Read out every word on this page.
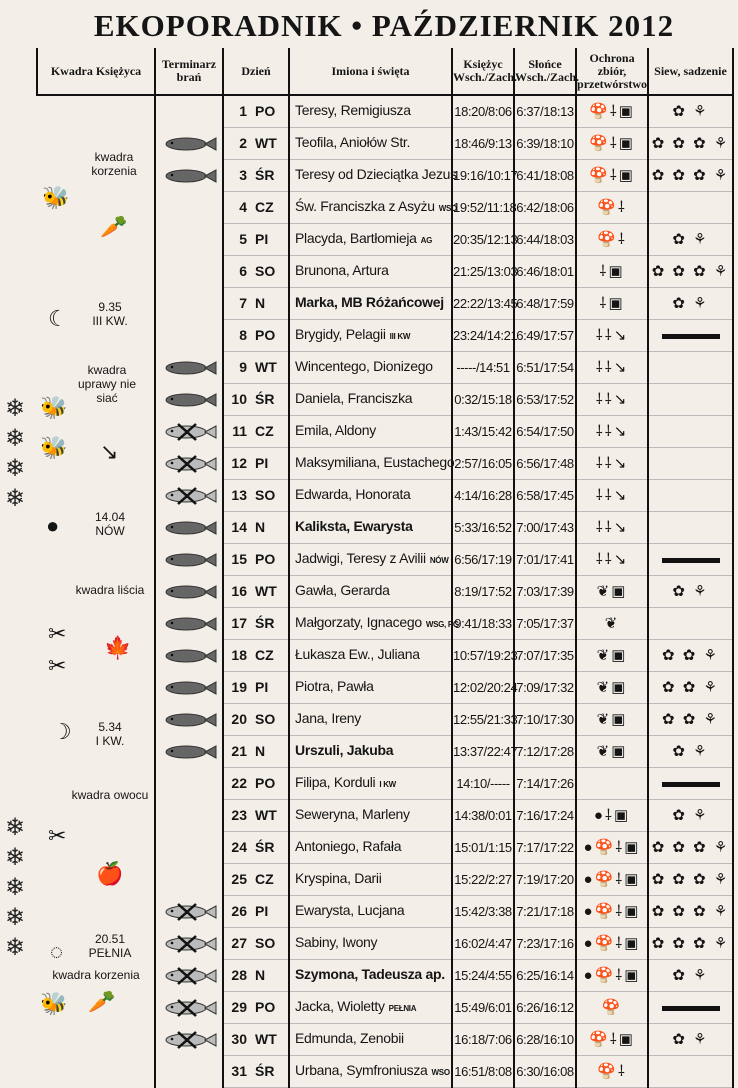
EKOPORADNIK • PAŹDZIERNIK 2012
Kwadra Księżyca	Terminarz brań	Dzień		Imiona i święta	Księżyc Wsch./Zach.	Słońce Wsch./Zach.	Ochrona zbiór, przetwórstwo	Siew, sadzenie
		1	PO	Teresy, Remigiusza	18:20/8:06	6:37/18:13	🍄⸸▣	✿ ⚘
		2	WT	Teofila, Aniołów Str.	18:46/9:13	6:39/18:10	🍄⸸▣	✿ ✿ ✿ ⚘
		3	ŚR	Teresy od Dzieciątka Jezus	19:16/10:17	6:41/18:08	🍄⸸▣	✿ ✿ ✿ ⚘
		4	CZ	Św. Franciszka z Asyżu WSO	19:52/11:18	6:42/18:06	🍄⸸	
		5	PI	Placyda, Bartłomieja AG	20:35/12:13	6:44/18:03	🍄⸸	✿ ⚘
		6	SO	Brunona, Artura	21:25/13:03	6:46/18:01	⸸▣	✿ ✿ ✿ ⚘
		7	N	Marka, MB Różańcowej	22:22/13:45	6:48/17:59	⸸▣	✿ ⚘
		8	PO	Brygidy, Pelagii III KW	23:24/14:21	6:49/17:57	⸸⸸↘	
		9	WT	Wincentego, Dionizego	-----/14:51	6:51/17:54	⸸⸸↘	
		10	ŚR	Daniela, Franciszka	0:32/15:18	6:53/17:52	⸸⸸↘	
		11	CZ	Emila, Aldony	1:43/15:42	6:54/17:50	⸸⸸↘	
		12	PI	Maksymiliana, Eustachego	2:57/16:05	6:56/17:48	⸸⸸↘	
		13	SO	Edwarda, Honorata	4:14/16:28	6:58/17:45	⸸⸸↘	
		14	N	Kaliksta, Ewarysta	5:33/16:52	7:00/17:43	⸸⸸↘	
		15	PO	Jadwigi, Teresy z Avilii NÓW	6:56/17:19	7:01/17:41	⸸⸸↘	
		16	WT	Gawła, Gerarda	8:19/17:52	7:03/17:39	❦▣	✿ ⚘
		17	ŚR	Małgorzaty, Ignacego WSG, PG	9:41/18:33	7:05/17:37	❦	
		18	CZ	Łukasza Ew., Juliana	10:57/19:23	7:07/17:35	❦▣	✿ ✿ ⚘
		19	PI	Piotra, Pawła	12:02/20:24	7:09/17:32	❦▣	✿ ✿ ⚘
		20	SO	Jana, Ireny	12:55/21:33	7:10/17:30	❦▣	✿ ✿ ⚘
		21	N	Urszuli, Jakuba	13:37/22:47	7:12/17:28	❦▣	✿ ⚘
		22	PO	Filipa, Korduli I KW	14:10/-----	7:14/17:26		
		23	WT	Seweryna, Marleny	14:38/0:01	7:16/17:24	●⸸▣	✿ ⚘
		24	ŚR	Antoniego, Rafała	15:01/1:15	7:17/17:22	●🍄⸸▣	✿ ✿ ✿ ⚘
		25	CZ	Kryspina, Darii	15:22/2:27	7:19/17:20	●🍄⸸▣	✿ ✿ ✿ ⚘
		26	PI	Ewarysta, Lucjana	15:42/3:38	7:21/17:18	●🍄⸸▣	✿ ✿ ✿ ⚘
		27	SO	Sabiny, Iwony	16:02/4:47	7:23/17:16	●🍄⸸▣	✿ ✿ ✿ ⚘
		28	N	Szymona, Tadeusza ap.	15:24/4:55	6:25/16:14	●🍄⸸▣	✿ ⚘
		29	PO	Jacka, Wioletty PEŁNIA	15:49/6:01	6:26/16:12	🍄	
		30	WT	Edmunda, Zenobii	16:18/7:06	6:28/16:10	🍄⸸▣	✿ ⚘
		31	ŚR	Urbana, Symfroniusza WSO	16:51/8:08	6:30/16:08	🍄⸸	
kwadra korzenia
🐝
🥕
☾	9.35
III KW.
kwadra uprawy nie siać
🐝
🐝 ↘
●	14.04
NÓW
kwadra liścia
✂
✂
🍁
☽	5.34
I KW.
kwadra owocu
✂
🍎
◌	20.51
PEŁNIA
kwadra korzenia
🐝 🥕
❄
❄
❄
❄
❄
❄
❄
❄
❄
